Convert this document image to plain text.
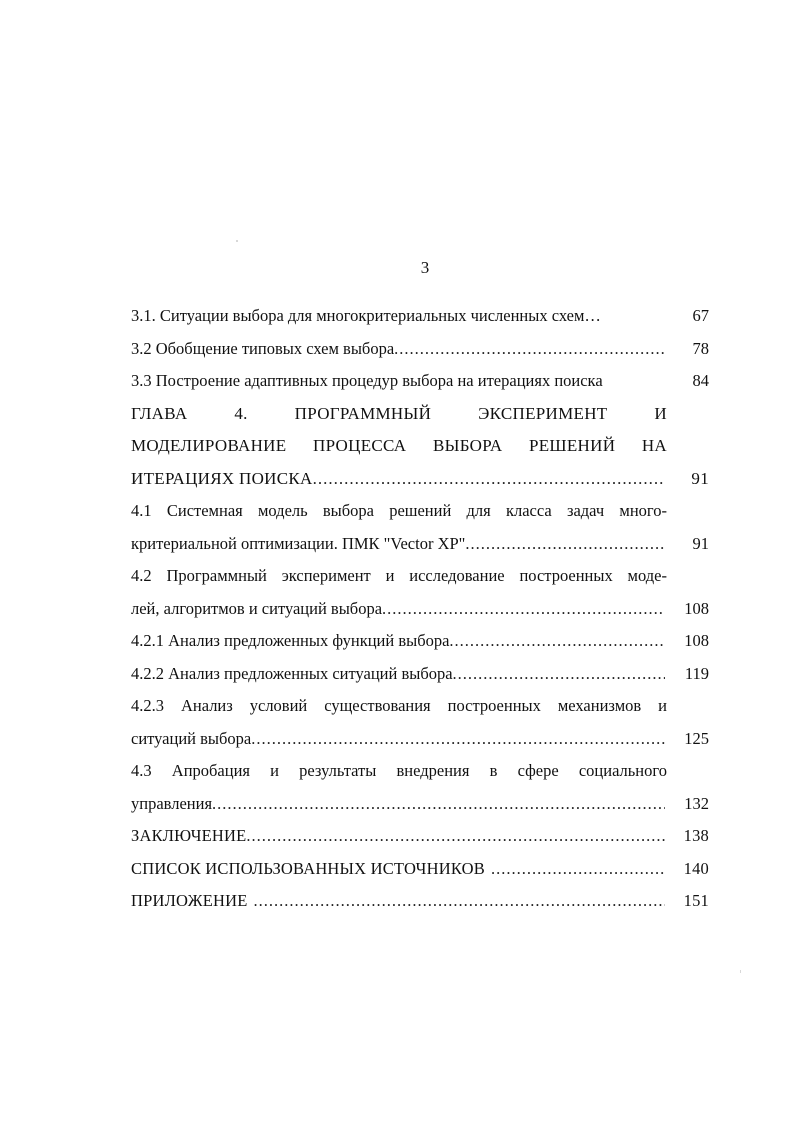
3
3.1. Ситуации выбора для многокритериальных численных схем…	67
3.2 Обобщение типовых схем выбора .....	78
3.3 Построение адаптивных процедур выбора на итерациях поиска	84
ГЛАВА 4. ПРОГРАММНЫЙ ЭКСПЕРИМЕНТ И
МОДЕЛИРОВАНИЕ ПРОЦЕССА ВЫБОРА РЕШЕНИЙ НА
ИТЕРАЦИЯХ ПОИСКА .....	91
4.1 Системная модель выбора решений для класса задач много-
критериальной оптимизации. ПМК "Vector XP" .....	91
4.2 Программный эксперимент и исследование построенных моде-
лей, алгоритмов и ситуаций выбора .....	108
4.2.1 Анализ предложенных функций выбора .....	108
4.2.2 Анализ предложенных ситуаций выбора .....	119
4.2.3 Анализ условий существования построенных механизмов и
ситуаций выбора .....	125
4.3 Апробация и результаты внедрения в сфере социального
управления .....	132
ЗАКЛЮЧЕНИЕ .....	138
СПИСОК ИСПОЛЬЗОВАННЫХ ИСТОЧНИКОВ .....	140
ПРИЛОЖЕНИЕ .....	151
